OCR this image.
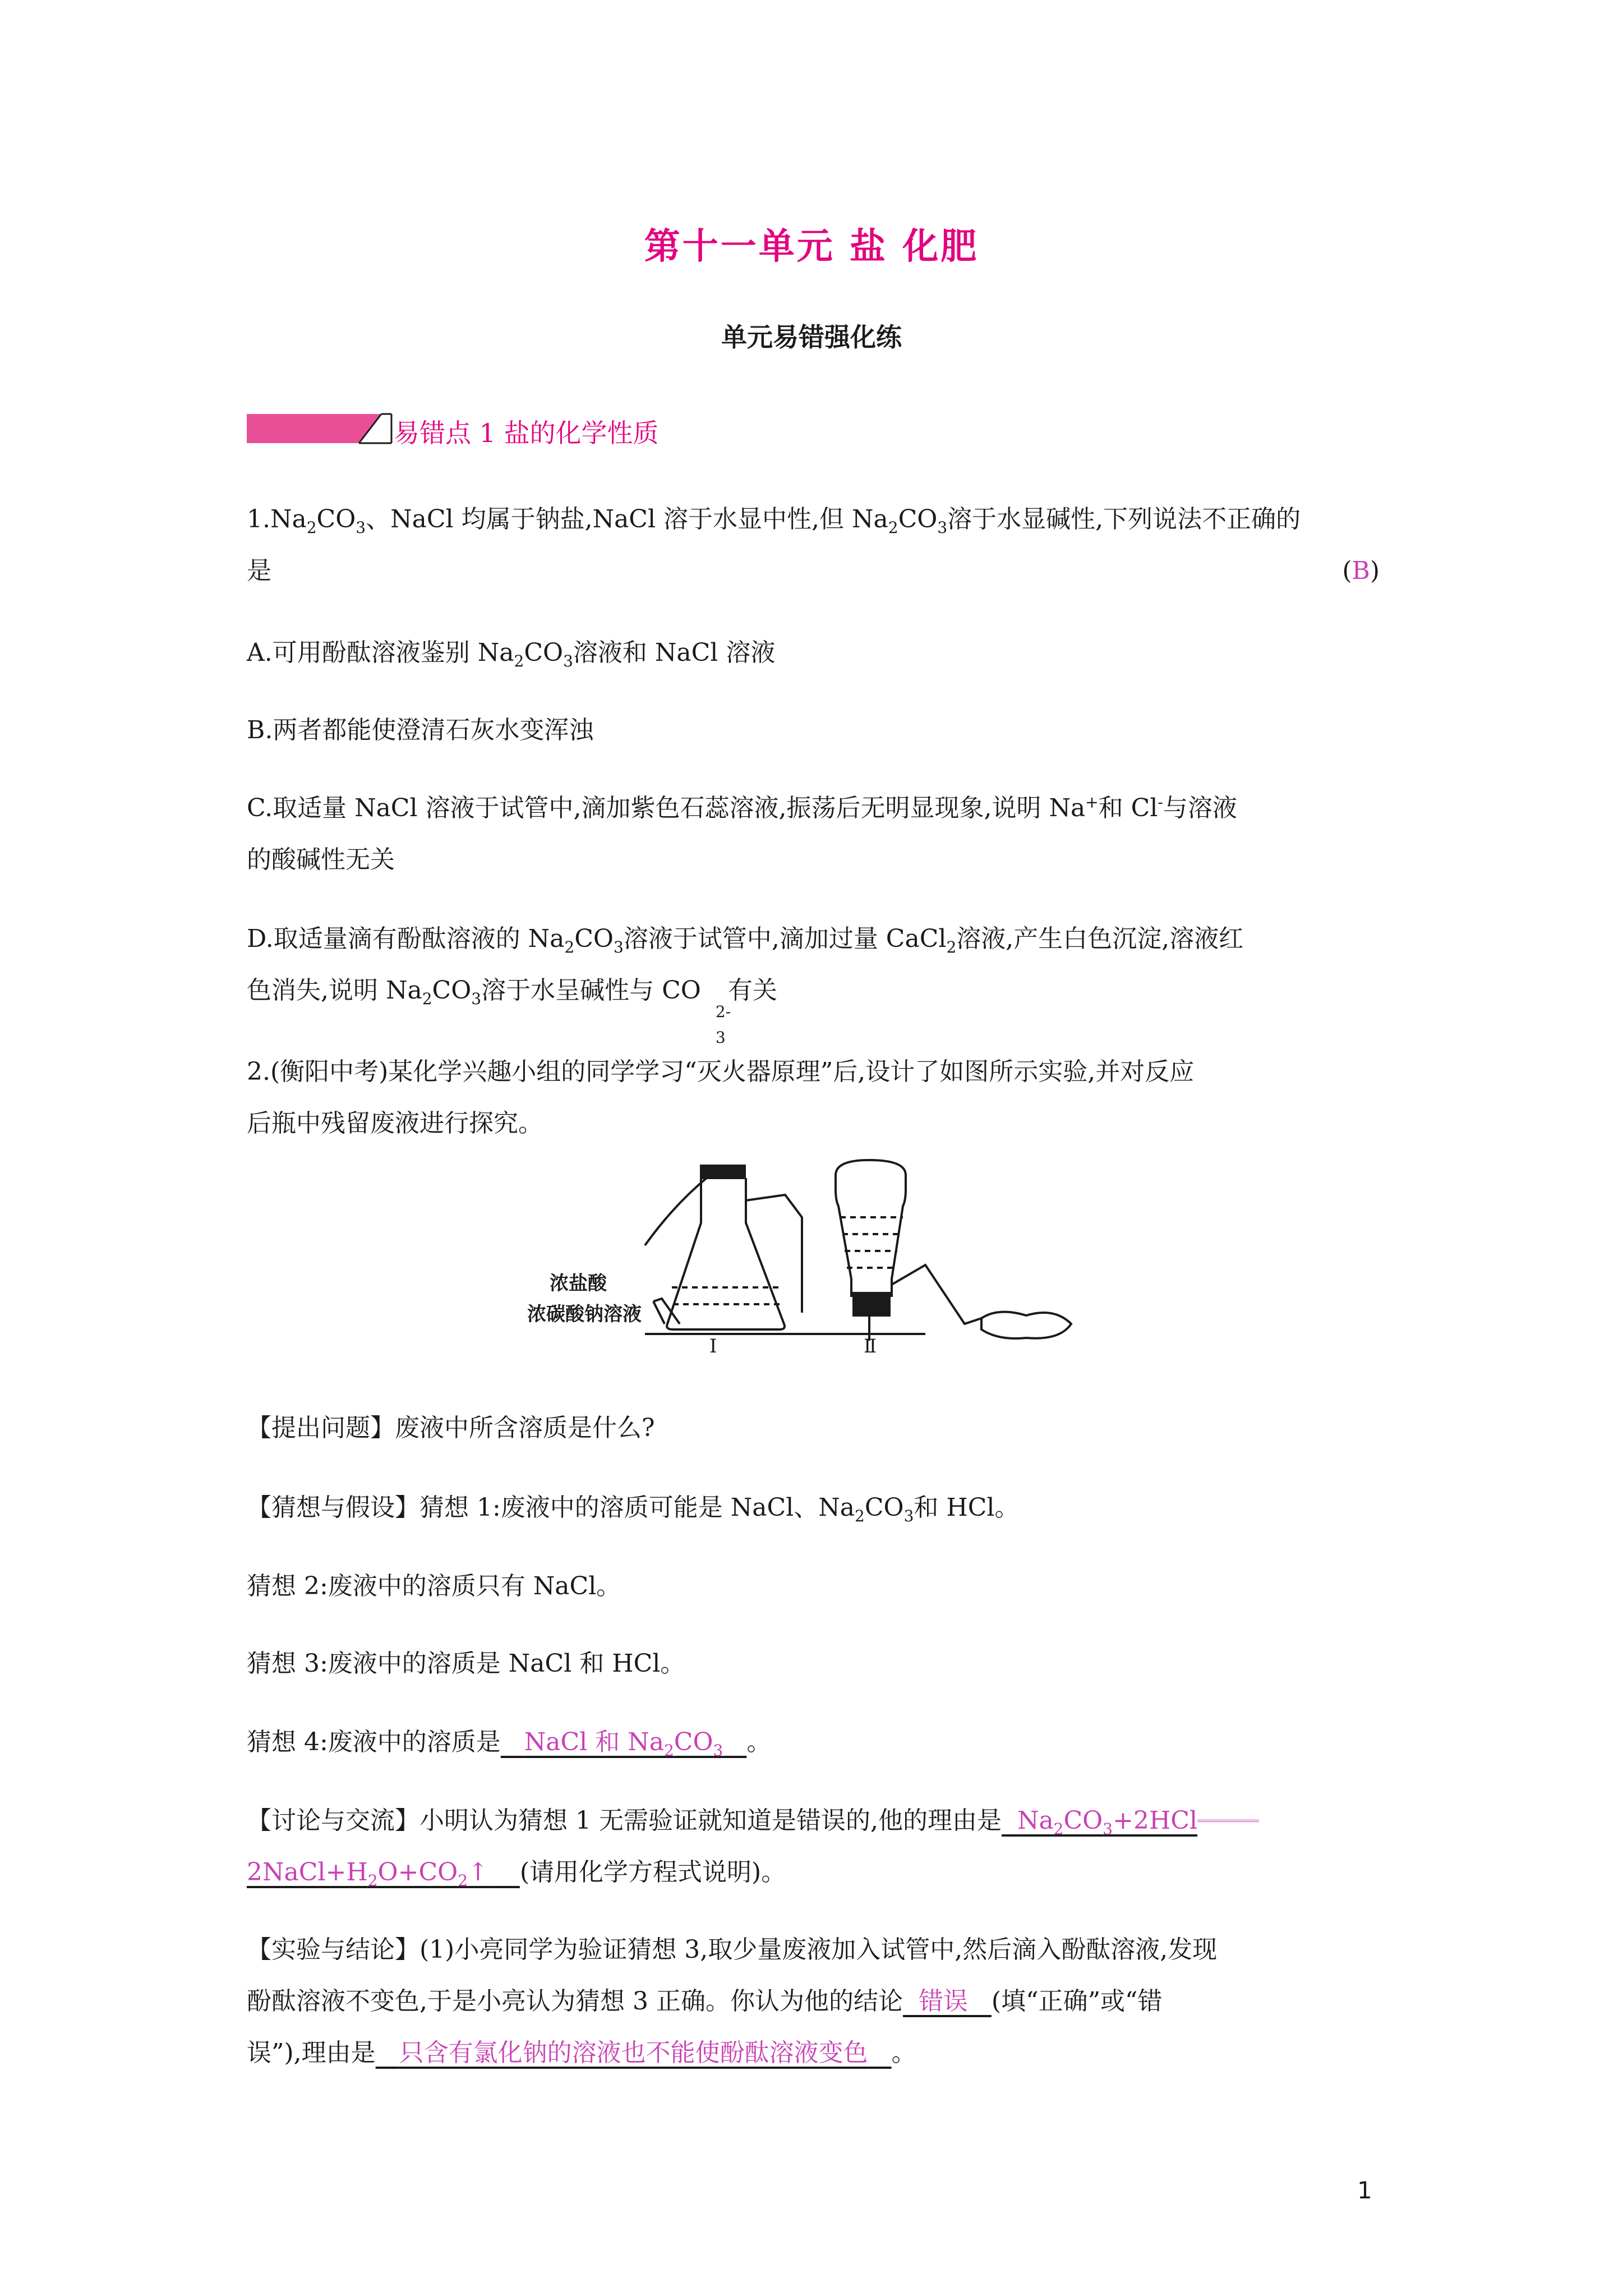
第十一单元 盐 化肥
单元易错强化练
易错点 1 盐的化学性质
$1.Na_2CO_3$、NaCl 均属于钠盐,NaCl 溶于水显中性,但 $Na_2CO_3$溶于水显碱性,下列说法不正确的
是	(B)
A.可用酚酞溶液鉴别 $Na_2CO_3$溶液和 NaCl 溶液
B.两者都能使澄清石灰水变浑浊
C.取适量 NaCl 溶液于试管中,滴加紫色石蕊溶液,振荡后无明显现象,说明 Na+和 Cl-与溶液
的酸碱性无关
D.取适量滴有酚酞溶液的 $Na_2CO_3$溶液于试管中,滴加过量 CaCl$_2$溶液,产生白色沉淀,溶液红
色消失,说明 $Na_2CO_3$溶于水呈碱性与 CO
2-
3
有关
2.(衡阳中考)某化学兴趣小组的同学学习“灭火器原理”后,设计了如图所示实验,并对反应
后瓶中残留废液进行探究。
浓盐酸
浓碳酸钠溶液
Ⅰ	Ⅱ
【提出问题】废液中所含溶质是什么?
【猜想与假设】猜想 1:废液中的溶质可能是 NaCl、$Na_2CO_3$和 HCl。
猜想 2:废液中的溶质只有 NaCl。
猜想 3:废液中的溶质是 NaCl 和 HCl。
猜想 4:废液中的溶质是 NaCl 和 $Na_2CO_3$ 。
【讨论与交流】小明认为猜想 1 无需验证就知道是错误的,他的理由是 $Na_2CO_3+2HCl$
$2NaCl+H_2O+CO_2↑$ (请用化学方程式说明)。
【实验与结论】(1)小亮同学为验证猜想 3,取少量废液加入试管中,然后滴入酚酞溶液,发现
酚酞溶液不变色,于是小亮认为猜想 3 正确。你认为他的结论 错误 (填“正确”或“错
误”),理由是 只含有氯化钠的溶液也不能使酚酞溶液变色 。
1
